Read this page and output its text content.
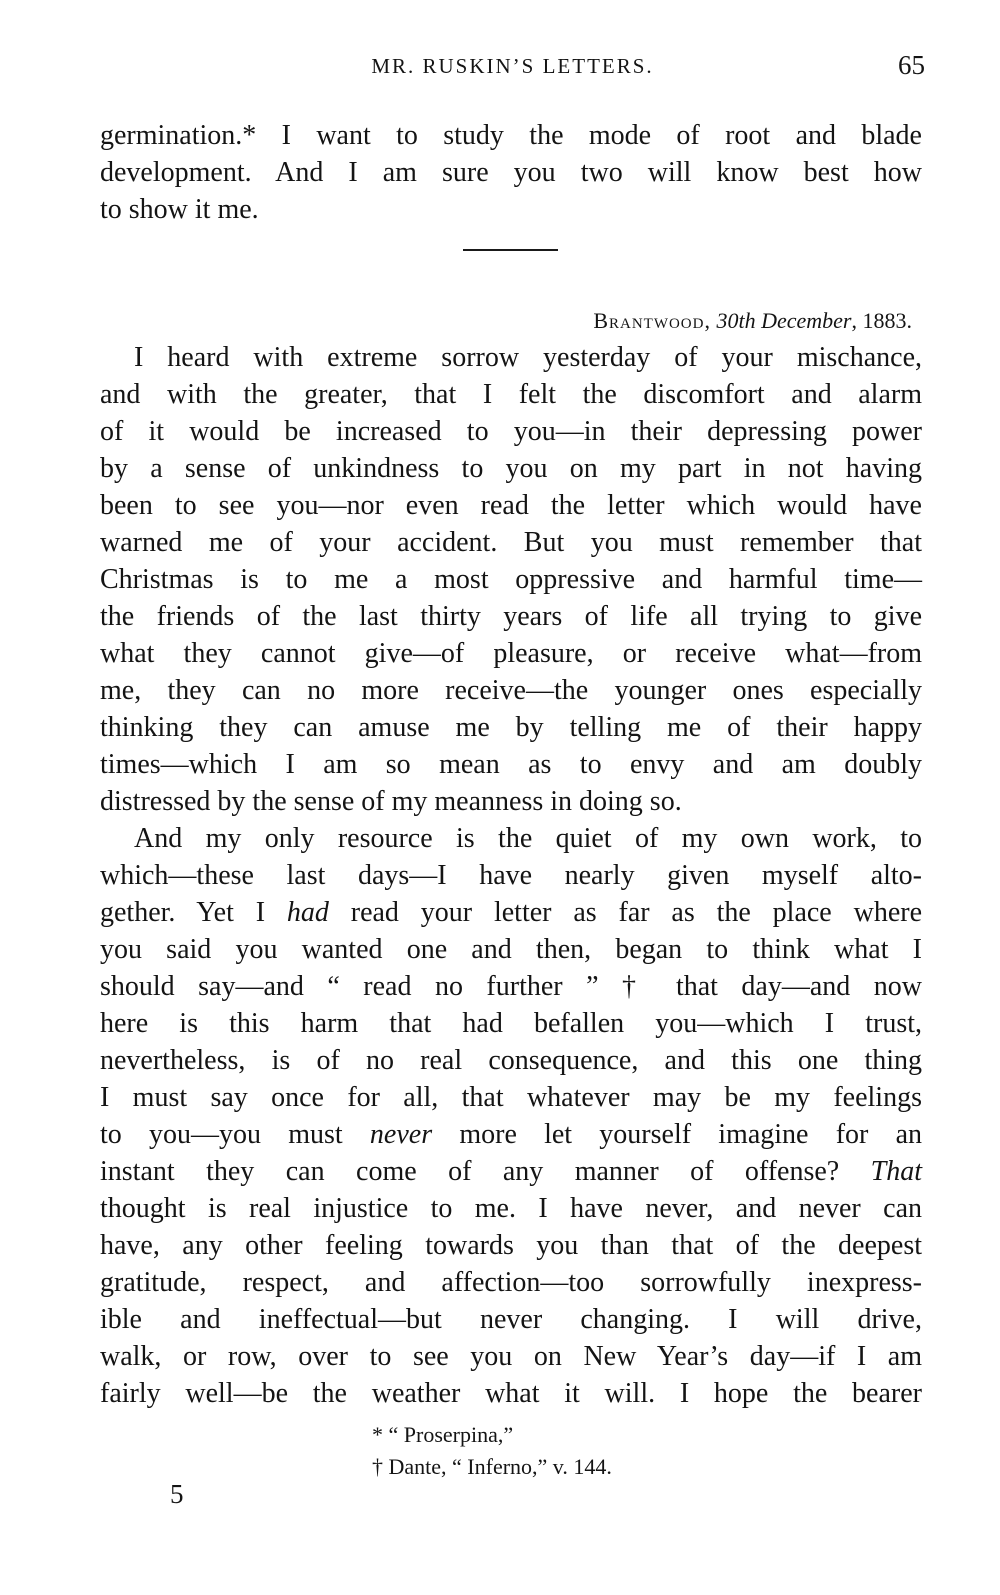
MR. RUSKIN’S LETTERS.	65
germination.* I want to study the mode of root and blade
development. And I am sure you two will know best how
to show it me.
Brantwood, 30th December, 1883.
I heard with extreme sorrow yesterday of your mischance,
and with the greater, that I felt the discomfort and alarm
of it would be increased to you—in their depressing power
by a sense of unkindness to you on my part in not having
been to see you—nor even read the letter which would have
warned me of your accident. But you must remember that
Christmas is to me a most oppressive and harmful time—
the friends of the last thirty years of life all trying to give
what they cannot give—of pleasure, or receive what—from
me, they can no more receive—the younger ones especially
thinking they can amuse me by telling me of their happy
times—which I am so mean as to envy and am doubly
distressed by the sense of my meanness in doing so.
And my only resource is the quiet of my own work, to
which—these last days—I have nearly given myself alto-
gether. Yet I had read your letter as far as the place where
you said you wanted one and then, began to think what I
should say—and “ read no further ” † that day—and now
here is this harm that had befallen you—which I trust,
nevertheless, is of no real consequence, and this one thing
I must say once for all, that whatever may be my feelings
to you—you must never more let yourself imagine for an
instant they can come of any manner of offense? That
thought is real injustice to me. I have never, and never can
have, any other feeling towards you than that of the deepest
gratitude, respect, and affection—too sorrowfully inexpress-
ible and ineffectual—but never changing. I will drive,
walk, or row, over to see you on New Year’s day—if I am
fairly well—be the weather what it will. I hope the bearer
* “ Proserpina,”
† Dante, “ Inferno,” v. 144.
5
